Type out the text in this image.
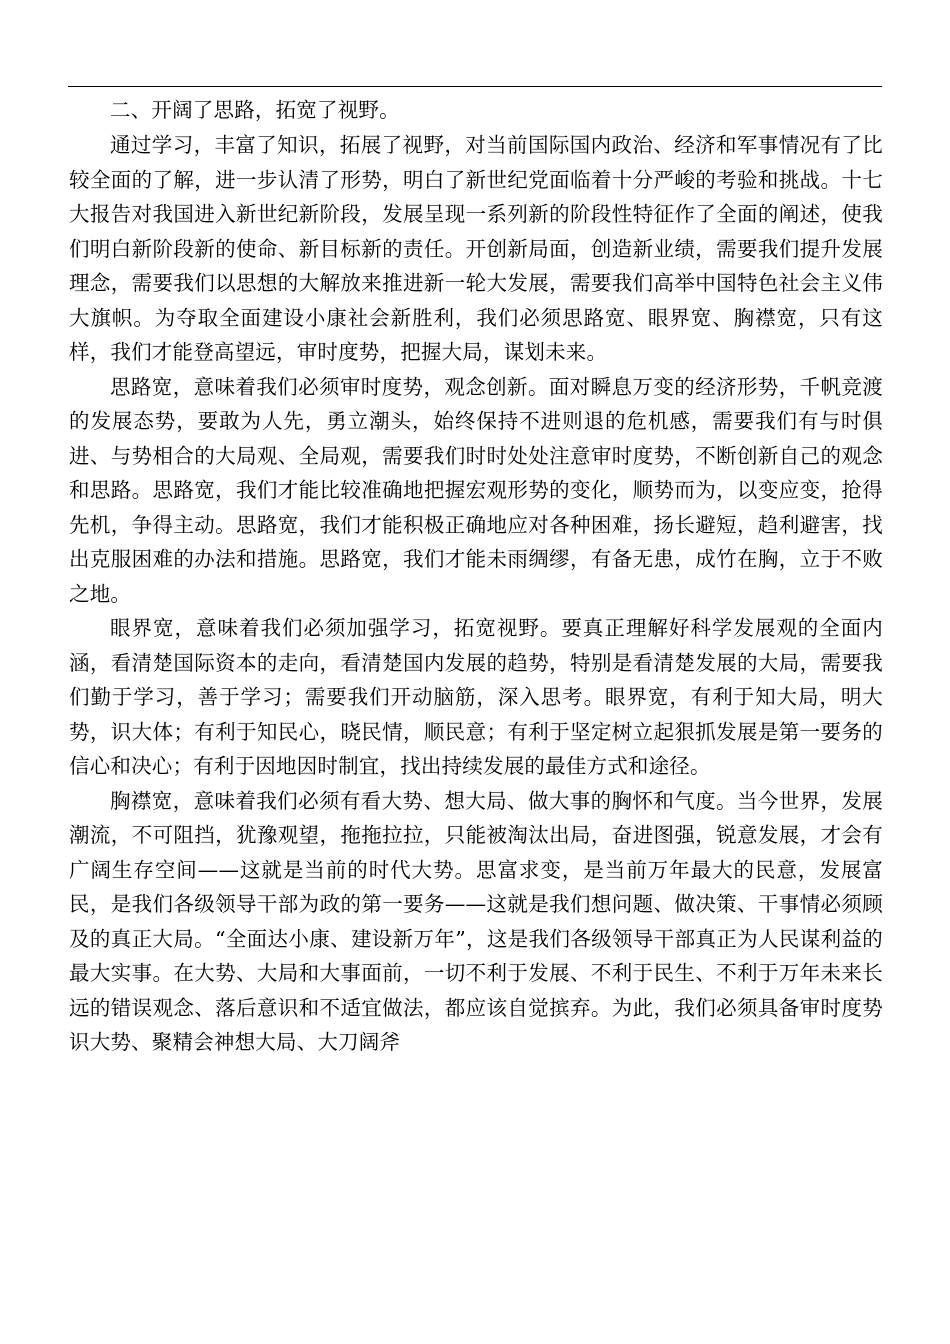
二、开阔了思路，拓宽了视野。

通过学习，丰富了知识，拓展了视野，对当前国际国内政治、经济和军事情况有了比较全面的了解，进一步认清了形势，明白了新世纪党面临着十分严峻的考验和挑战。十七大报告对我国进入新世纪新阶段，发展呈现一系列新的阶段性特征作了全面的阐述，使我们明白新阶段新的使命、新目标新的责任。开创新局面，创造新业绩，需要我们提升发展理念，需要我们以思想的大解放来推进新一轮大发展，需要我们高举中国特色社会主义伟大旗帜。为夺取全面建设小康社会新胜利，我们必须思路宽、眼界宽、胸襟宽，只有这样，我们才能登高望远，审时度势，把握大局，谋划未来。

思路宽，意味着我们必须审时度势，观念创新。面对瞬息万变的经济形势，千帆竞渡的发展态势，要敢为人先，勇立潮头，始终保持不进则退的危机感，需要我们有与时俱进、与势相合的大局观、全局观，需要我们时时处处注意审时度势，不断创新自己的观念和思路。思路宽，我们才能比较准确地把握宏观形势的变化，顺势而为，以变应变，抢得先机，争得主动。思路宽，我们才能积极正确地应对各种困难，扬长避短，趋利避害，找出克服困难的办法和措施。思路宽，我们才能未雨绸缪，有备无患，成竹在胸，立于不败之地。

眼界宽，意味着我们必须加强学习，拓宽视野。要真正理解好科学发展观的全面内涵，看清楚国际资本的走向，看清楚国内发展的趋势，特别是看清楚发展的大局，需要我们勤于学习，善于学习；需要我们开动脑筋，深入思考。眼界宽，有利于知大局，明大势，识大体；有利于知民心，晓民情，顺民意；有利于坚定树立起狠抓发展是第一要务的信心和决心；有利于因地因时制宜，找出持续发展的最佳方式和途径。

胸襟宽，意味着我们必须有看大势、想大局、做大事的胸怀和气度。当今世界，发展潮流，不可阻挡，犹豫观望，拖拖拉拉，只能被淘汰出局，奋进图强，锐意发展，才会有广阔生存空间——这就是当前的时代大势。思富求变，是当前万年最大的民意，发展富民，是我们各级领导干部为政的第一要务——这就是我们想问题、做决策、干事情必须顾及的真正大局。“全面达小康、建设新万年”，这是我们各级领导干部真正为人民谋利益的最大实事。在大势、大局和大事面前，一切不利于发展、不利于民生、不利于万年未来长远的错误观念、落后意识和不适宜做法，都应该自觉摈弃。为此，我们必须具备审时度势识大势、聚精会神想大局、大刀阔斧
